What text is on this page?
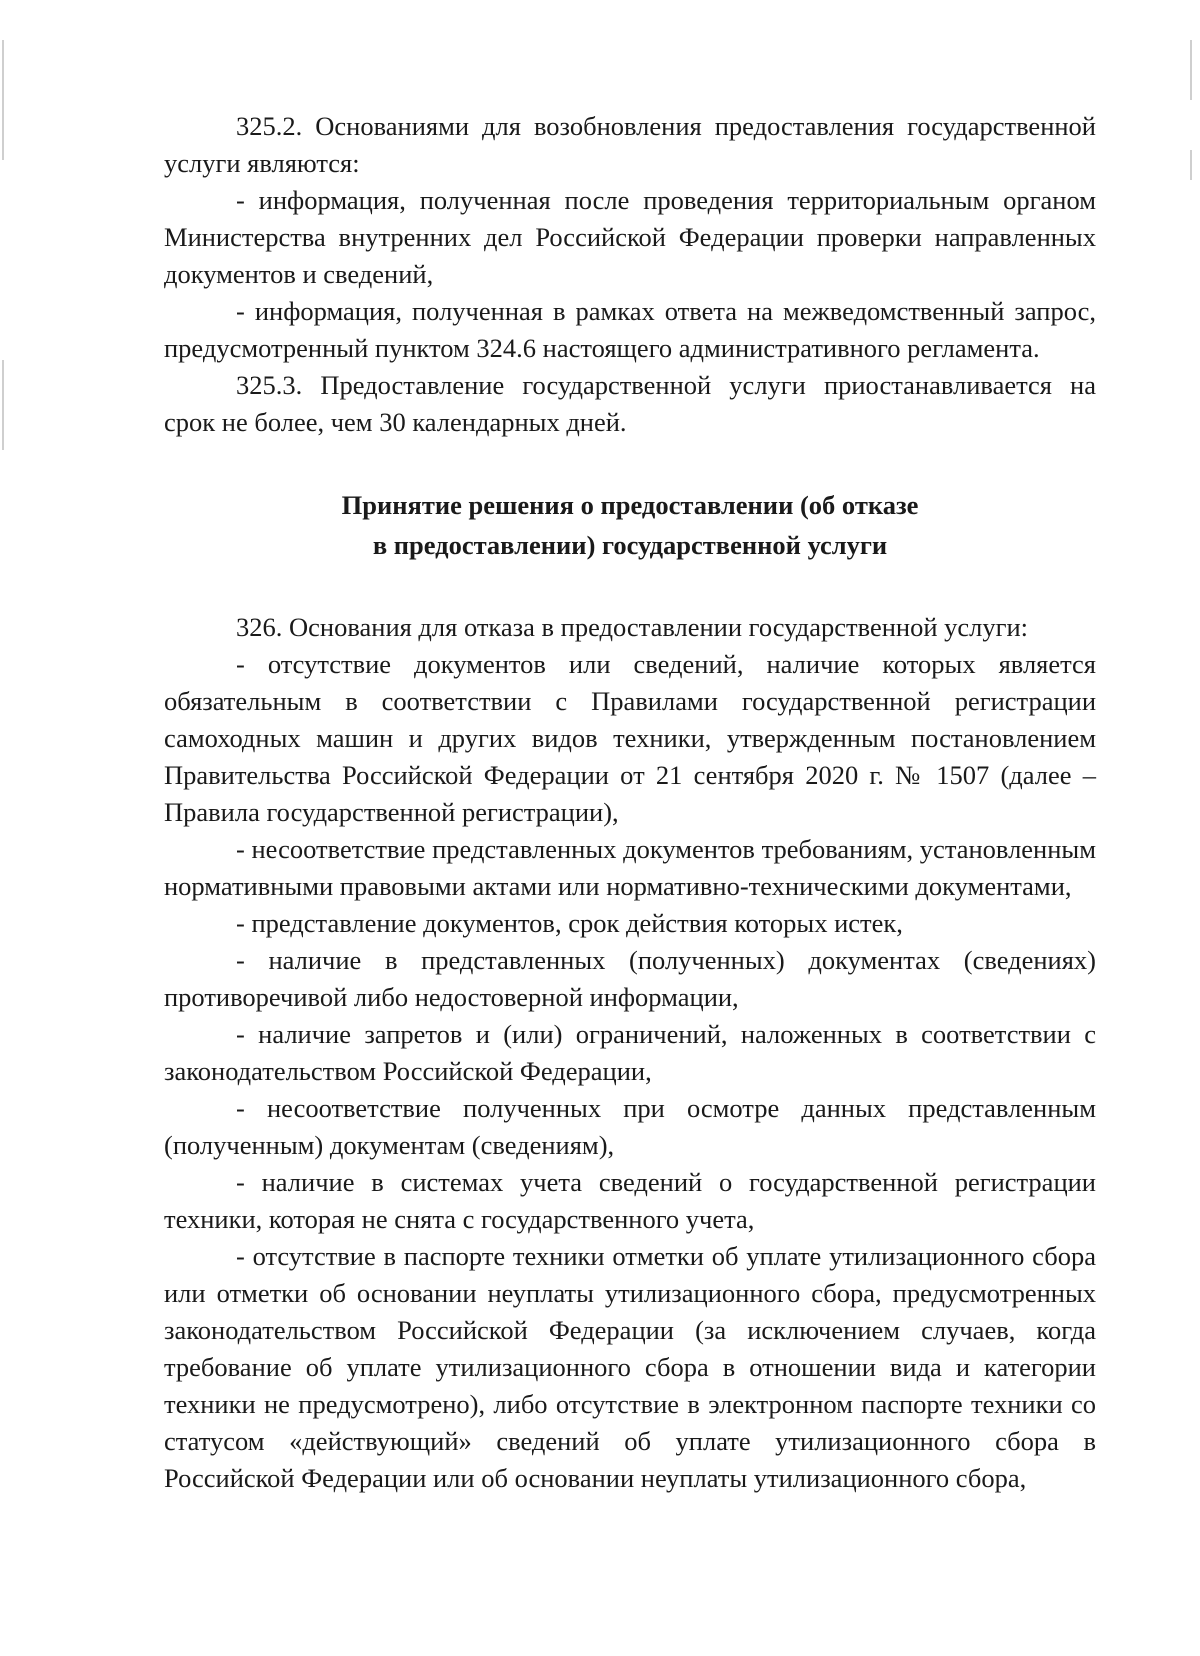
325.2. Основаниями для возобновления предоставления государственной услуги являются:

- информация, полученная после проведения территориальным органом Министерства внутренних дел Российской Федерации проверки направленных документов и сведений,

- информация, полученная в рамках ответа на межведомственный запрос, предусмотренный пунктом 324.6 настоящего административного регламента.

325.3. Предоставление государственной услуги приостанавливается на срок не более, чем 30 календарных дней.

Принятие решения о предоставлении (об отказе
в предоставлении) государственной услуги

326. Основания для отказа в предоставлении государственной услуги:

- отсутствие документов или сведений, наличие которых является обязательным в соответствии с Правилами государственной регистрации самоходных машин и других видов техники, утвержденным постановлением Правительства Российской Федерации от 21 сентября 2020 г. № 1507 (далее – Правила государственной регистрации),

- несоответствие представленных документов требованиям, установленным нормативными правовыми актами или нормативно-техническими документами,

- представление документов, срок действия которых истек,

- наличие в представленных (полученных) документах (сведениях) противоречивой либо недостоверной информации,

- наличие запретов и (или) ограничений, наложенных в соответствии с законодательством Российской Федерации,

- несоответствие полученных при осмотре данных представленным (полученным) документам (сведениям),

- наличие в системах учета сведений о государственной регистрации техники, которая не снята с государственного учета,

- отсутствие в паспорте техники отметки об уплате утилизационного сбора или отметки об основании неуплаты утилизационного сбора, предусмотренных законодательством Российской Федерации (за исключением случаев, когда требование об уплате утилизационного сбора в отношении вида и категории техники не предусмотрено), либо отсутствие в электронном паспорте техники со статусом «действующий» сведений об уплате утилизационного сбора в Российской Федерации или об основании неуплаты утилизационного сбора,
